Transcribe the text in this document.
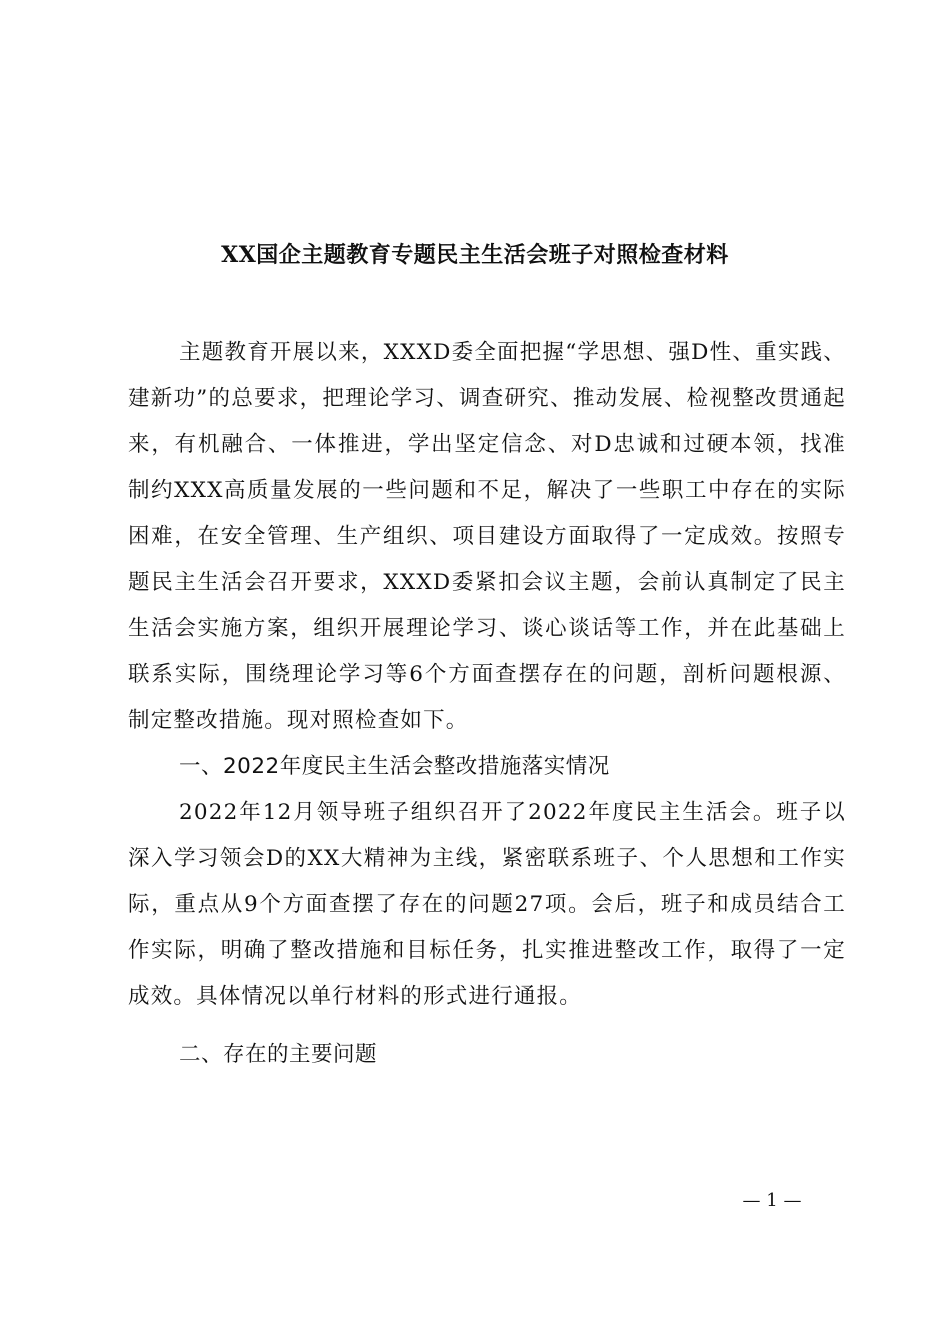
XX国企主题教育专题民主生活会班子对照检查材料

主题教育开展以来，XXXD委全面把握“学思想、强D性、重实践、建新功”的总要求，把理论学习、调查研究、推动发展、检视整改贯通起来，有机融合、一体推进，学出坚定信念、对D忠诚和过硬本领，找准制约XXX高质量发展的一些问题和不足，解决了一些职工中存在的实际困难，在安全管理、生产组织、项目建设方面取得了一定成效。按照专题民主生活会召开要求，XXXD委紧扣会议主题，会前认真制定了民主生活会实施方案，组织开展理论学习、谈心谈话等工作，并在此基础上联系实际，围绕理论学习等6个方面查摆存在的问题，剖析问题根源、制定整改措施。现对照检查如下。

一、2022年度民主生活会整改措施落实情况

2022年12月领导班子组织召开了2022年度民主生活会。班子以深入学习领会D的XX大精神为主线，紧密联系班子、个人思想和工作实际，重点从9个方面查摆了存在的问题27项。会后，班子和成员结合工作实际，明确了整改措施和目标任务，扎实推进整改工作，取得了一定成效。具体情况以单行材料的形式进行通报。

二、存在的主要问题

— 1 —
